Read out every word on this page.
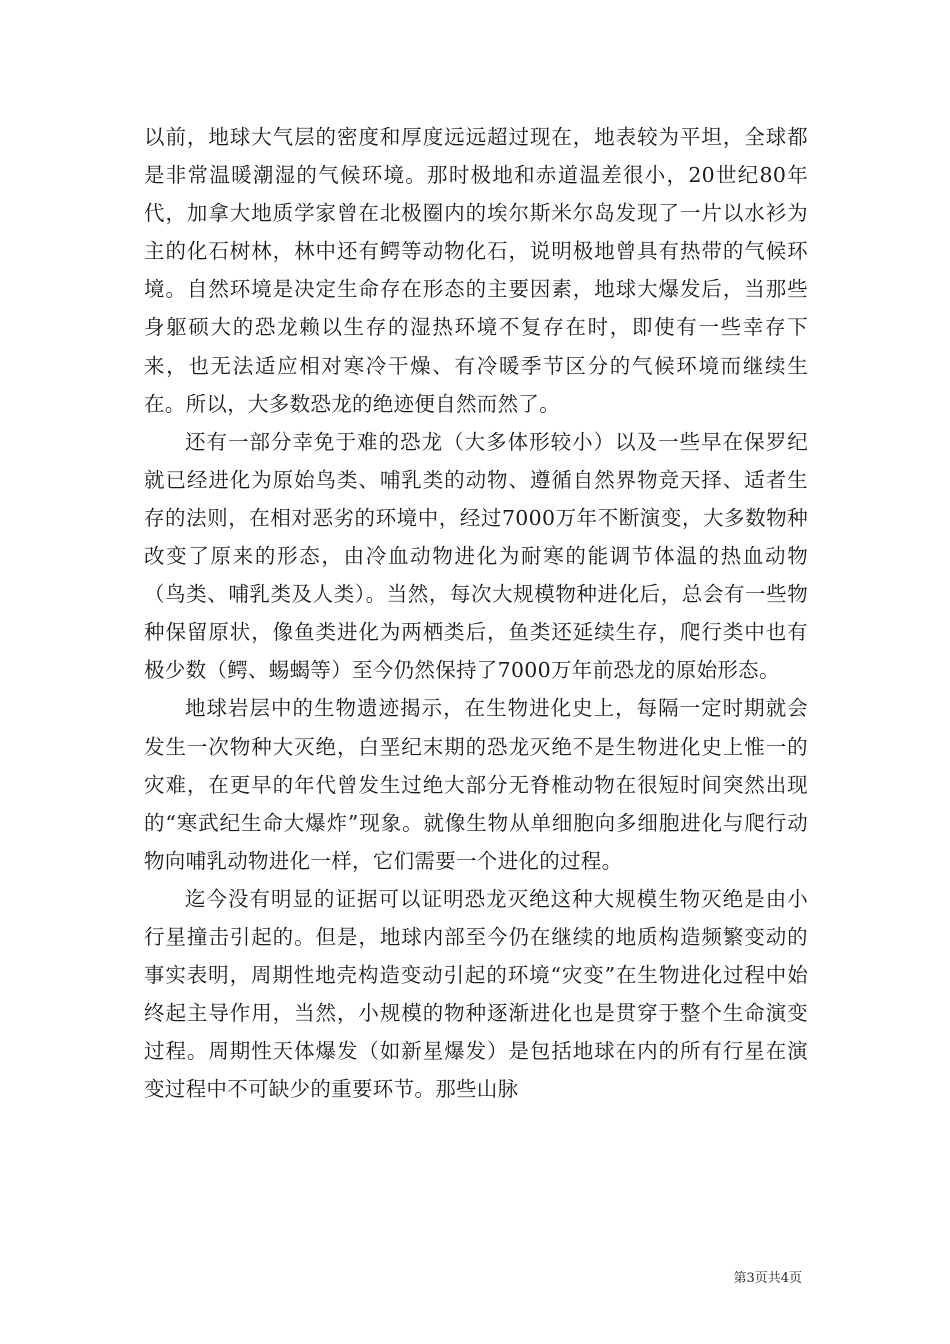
以前，地球大气层的密度和厚度远远超过现在，地表较为平坦，全球都是非常温暖潮湿的气候环境。那时极地和赤道温差很小，20世纪80年代，加拿大地质学家曾在北极圈内的埃尔斯米尔岛发现了一片以水衫为主的化石树林，林中还有鳄等动物化石，说明极地曾具有热带的气候环境。自然环境是决定生命存在形态的主要因素，地球大爆发后，当那些身躯硕大的恐龙赖以生存的湿热环境不复存在时，即使有一些幸存下来，也无法适应相对寒冷干燥、有冷暖季节区分的气候环境而继续生在。所以，大多数恐龙的绝迹便自然而然了。

还有一部分幸免于难的恐龙（大多体形较小）以及一些早在保罗纪就已经进化为原始鸟类、哺乳类的动物、遵循自然界物竞天择、适者生存的法则，在相对恶劣的环境中，经过7000万年不断演变，大多数物种改变了原来的形态，由冷血动物进化为耐寒的能调节体温的热血动物（鸟类、哺乳类及人类）。当然，每次大规模物种进化后，总会有一些物种保留原状，像鱼类进化为两栖类后，鱼类还延续生存，爬行类中也有极少数（鳄、蜴蝎等）至今仍然保持了7000万年前恐龙的原始形态。

地球岩层中的生物遗迹揭示，在生物进化史上，每隔一定时期就会发生一次物种大灭绝，白垩纪末期的恐龙灭绝不是生物进化史上惟一的灾难，在更早的年代曾发生过绝大部分无脊椎动物在很短时间突然出现的“寒武纪生命大爆炸”现象。就像生物从单细胞向多细胞进化与爬行动物向哺乳动物进化一样，它们需要一个进化的过程。

迄今没有明显的证据可以证明恐龙灭绝这种大规模生物灭绝是由小行星撞击引起的。但是，地球内部至今仍在继续的地质构造频繁变动的事实表明，周期性地壳构造变动引起的环境“灾变”在生物进化过程中始终起主导作用，当然，小规模的物种逐渐进化也是贯穿于整个生命演变过程。周期性天体爆发（如新星爆发）是包括地球在内的所有行星在演变过程中不可缺少的重要环节。那些山脉

第3页共4页
